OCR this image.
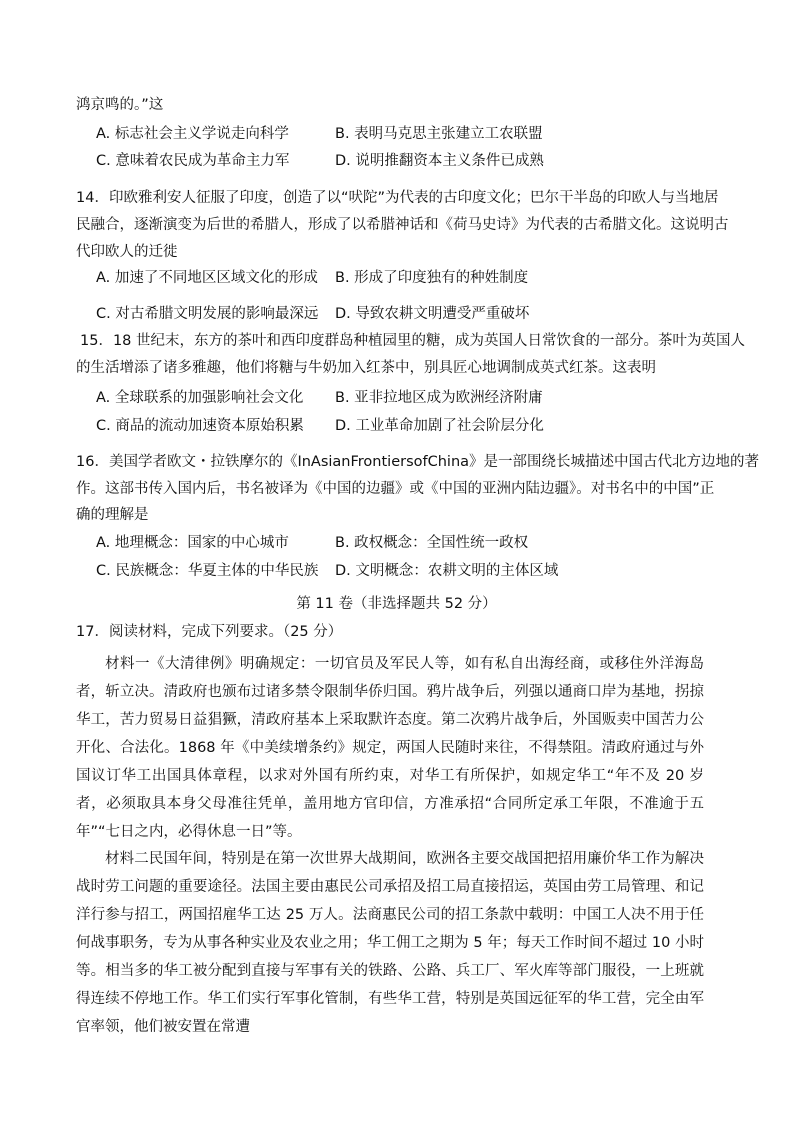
鸿京鸣的。”这
A. 标志社会主义学说走向科学	B. 表明马克思主张建立工农联盟
C. 意味着农民成为革命主力军	D. 说明推翻资本主义条件已成熟
14．印欧雅利安人征服了印度，创造了以“吠陀”为代表的古印度文化；巴尔干半岛的印欧人与当地居
民融合，逐渐演变为后世的希腊人，形成了以希腊神话和《荷马史诗》为代表的古希腊文化。这说明古
代印欧人的迁徙
A. 加速了不同地区区域文化的形成 B. 形成了印度独有的种姓制度
C. 对古希腊文明发展的影响最深远 D. 导致农耕文明遭受严重破坏
15．18 世纪末，东方的茶叶和西印度群岛种植园里的糖，成为英国人日常饮食的一部分。茶叶为英国人
的生活增添了诸多雅趣，他们将糖与牛奶加入红茶中，别具匠心地调制成英式红茶。这表明
A. 全球联系的加强影响社会文化 B. 亚非拉地区成为欧洲经济附庸
C. 商品的流动加速资本原始积累 D. 工业革命加剧了社会阶层分化
16．美国学者欧文・拉铁摩尔的《InAsianFrontiersofChina》是一部围绕长城描述中国古代北方边地的著
作。这部书传入国内后，书名被译为《中国的边疆》或《中国的亚洲内陆边疆》。对书名中的中国”正
确的理解是
A. 地理概念：国家的中心城市	B. 政权概念：全国性统一政权
C. 民族概念：华夏主体的中华民族 D. 文明概念：农耕文明的主体区域
第 11 卷（非选择题共 52 分）
17．阅读材料，完成下列要求。（25 分）
材料一《大清律例》明确规定：一切官员及军民人等，如有私自出海经商，或移住外洋海岛者，斩立决。清政府也颁布过诸多禁令限制华侨归国。鸦片战争后，列强以通商口岸为基地，拐掠华工，苦力贸易日益猖獗，清政府基本上采取默许态度。第二次鸦片战争后，外国贩卖中国苦力公开化、合法化。1868 年《中美续增条约》规定，两国人民随时来往，不得禁阻。清政府通过与外国议订华工出国具体章程，以求对外国有所约束，对华工有所保护，如规定华工“年不及 20 岁者，必须取具本身父母准往凭单，盖用地方官印信，方准承招“合同所定承工年限，不准逾于五年”“七日之内，必得休息一日”等。
材料二民国年间，特别是在第一次世界大战期间，欧洲各主要交战国把招用廉价华工作为解决战时劳工问题的重要途径。法国主要由惠民公司承招及招工局直接招运，英国由劳工局管理、和记洋行参与招工，两国招雇华工达 25 万人。法商惠民公司的招工条款中载明：中国工人决不用于任何战事职务，专为从事各种实业及农业之用；华工佣工之期为 5 年；每天工作时间不超过 10 小时等。相当多的华工被分配到直接与军事有关的铁路、公路、兵工厂、军火库等部门服役，一上班就得连续不停地工作。华工们实行军事化管制，有些华工营，特别是英国远征军的华工营，完全由军官率领，他们被安置在常遭
